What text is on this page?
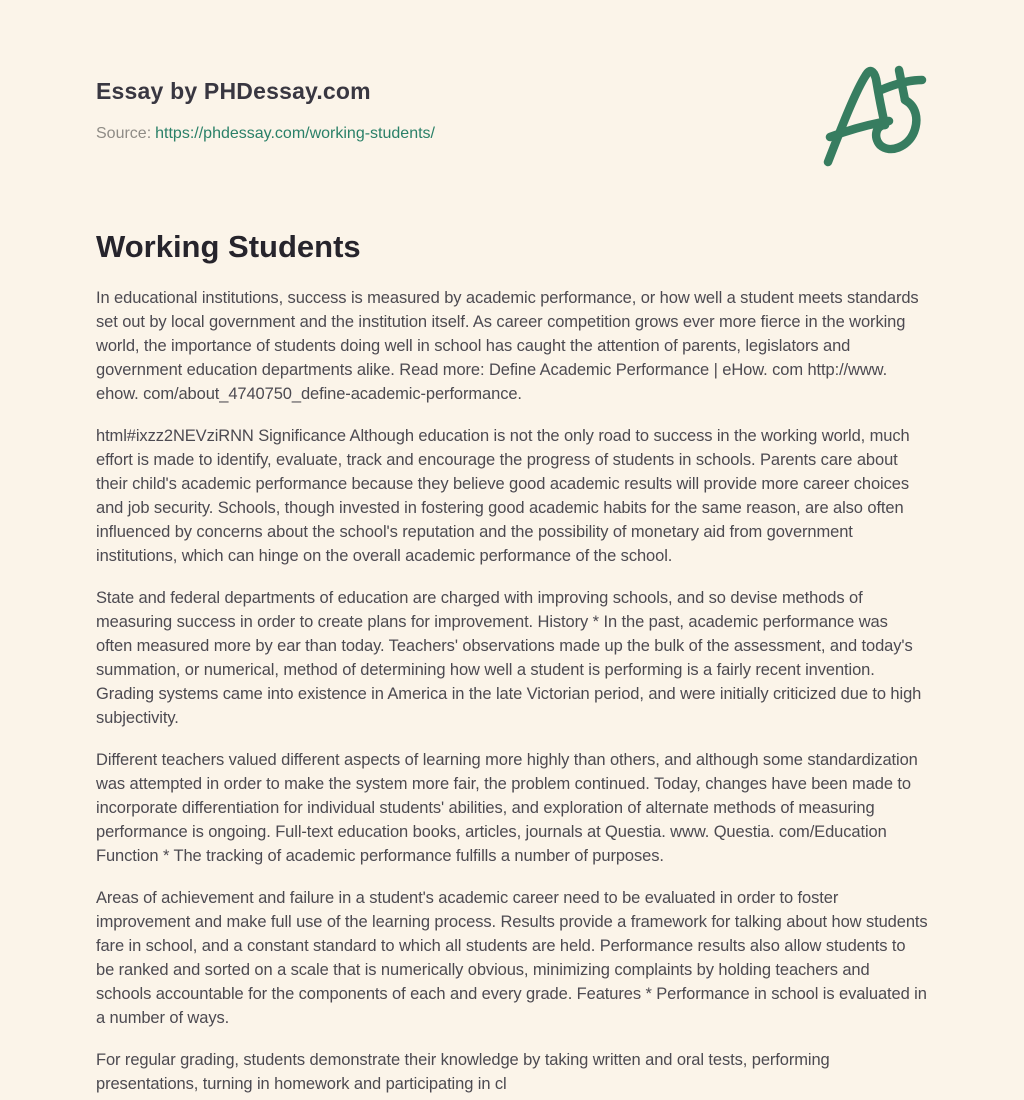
Essay by PHDessay.com
Source: https://phdessay.com/working-students/
Working Students

In educational institutions, success is measured by academic performance, or how well a student meets standards set out by local government and the institution itself. As career competition grows ever more fierce in the working world, the importance of students doing well in school has caught the attention of parents, legislators and government education departments alike. Read more: Define Academic Performance | eHow. com http://www. ehow. com/about_4740750_define-academic-performance.

html#ixzz2NEVziRNN Significance Although education is not the only road to success in the working world, much effort is made to identify, evaluate, track and encourage the progress of students in schools. Parents care about their child's academic performance because they believe good academic results will provide more career choices and job security. Schools, though invested in fostering good academic habits for the same reason, are also often influenced by concerns about the school's reputation and the possibility of monetary aid from government institutions, which can hinge on the overall academic performance of the school.

State and federal departments of education are charged with improving schools, and so devise methods of measuring success in order to create plans for improvement. History * In the past, academic performance was often measured more by ear than today. Teachers' observations made up the bulk of the assessment, and today's summation, or numerical, method of determining how well a student is performing is a fairly recent invention. Grading systems came into existence in America in the late Victorian period, and were initially criticized due to high subjectivity.

Different teachers valued different aspects of learning more highly than others, and although some standardization was attempted in order to make the system more fair, the problem continued. Today, changes have been made to incorporate differentiation for individual students' abilities, and exploration of alternate methods of measuring performance is ongoing. Full-text education books, articles, journals at Questia. www. Questia. com/Education Function * The tracking of academic performance fulfills a number of purposes.

Areas of achievement and failure in a student's academic career need to be evaluated in order to foster improvement and make full use of the learning process. Results provide a framework for talking about how students fare in school, and a constant standard to which all students are held. Performance results also allow students to be ranked and sorted on a scale that is numerically obvious, minimizing complaints by holding teachers and schools accountable for the components of each and every grade. Features * Performance in school is evaluated in a number of ways.

For regular grading, students demonstrate their knowledge by taking written and oral tests, performing presentations, turning in homework and participating in cl
